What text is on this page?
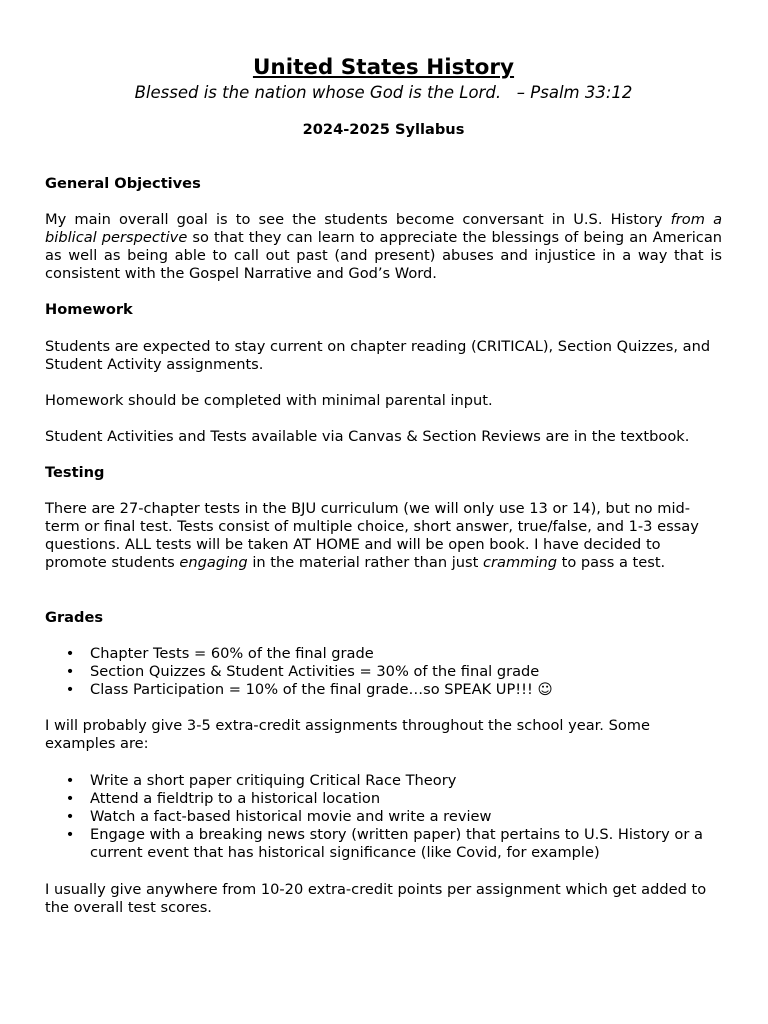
United States History
Blessed is the nation whose God is the Lord.   – Psalm 33:12
2024-2025 Syllabus
General Objectives

My main overall goal is to see the students become conversant in U.S. History from a biblical perspective so that they can learn to appreciate the blessings of being an American as well as being able to call out past (and present) abuses and injustice in a way that is consistent with the Gospel Narrative and God’s Word.

Homework

Students are expected to stay current on chapter reading (CRITICAL), Section Quizzes, and Student Activity assignments.

Homework should be completed with minimal parental input.

Student Activities and Tests available via Canvas & Section Reviews are in the textbook.

Testing

There are 27-chapter tests in the BJU curriculum (we will only use 13 or 14), but no mid-term or final test. Tests consist of multiple choice, short answer, true/false, and 1-3 essay questions. ALL tests will be taken AT HOME and will be open book. I have decided to promote students engaging in the material rather than just cramming to pass a test.

Grades
• Chapter Tests = 60% of the final grade
• Section Quizzes & Student Activities = 30% of the final grade
• Class Participation = 10% of the final grade…so SPEAK UP!!! ☺

I will probably give 3-5 extra-credit assignments throughout the school year. Some examples are:

• Write a short paper critiquing Critical Race Theory
• Attend a fieldtrip to a historical location
• Watch a fact-based historical movie and write a review
• Engage with a breaking news story (written paper) that pertains to U.S. History or a current event that has historical significance (like Covid, for example)

I usually give anywhere from 10-20 extra-credit points per assignment which get added to the overall test scores.
